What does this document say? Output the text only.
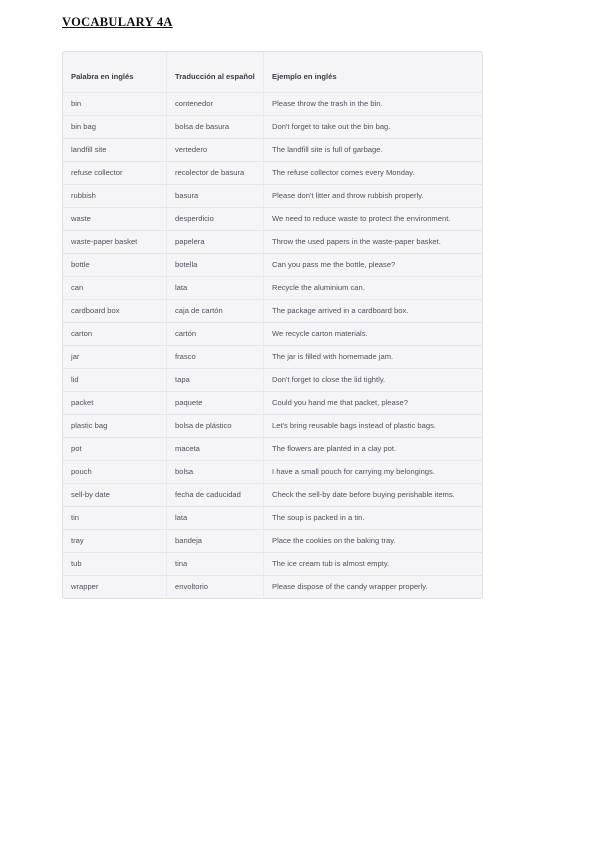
VOCABULARY 4A
Palabra en inglés	Traducción al español	Ejemplo en inglés
bin	contenedor	Please throw the trash in the bin.
bin bag	bolsa de basura	Don't forget to take out the bin bag.
landfill site	vertedero	The landfill site is full of garbage.
refuse collector	recolector de basura	The refuse collector comes every Monday.
rubbish	basura	Please don't litter and throw rubbish properly.
waste	desperdicio	We need to reduce waste to protect the environment.
waste-paper basket	papelera	Throw the used papers in the waste-paper basket.
bottle	botella	Can you pass me the bottle, please?
can	lata	Recycle the aluminium can.
cardboard box	caja de cartón	The package arrived in a cardboard box.
carton	cartón	We recycle carton materials.
jar	frasco	The jar is filled with homemade jam.
lid	tapa	Don't forget to close the lid tightly.
packet	paquete	Could you hand me that packet, please?
plastic bag	bolsa de plástico	Let's bring reusable bags instead of plastic bags.
pot	maceta	The flowers are planted in a clay pot.
pouch	bolsa	I have a small pouch for carrying my belongings.
sell-by date	fecha de caducidad	Check the sell-by date before buying perishable items.
tin	lata	The soup is packed in a tin.
tray	bandeja	Place the cookies on the baking tray.
tub	tina	The ice cream tub is almost empty.
wrapper	envoltorio	Please dispose of the candy wrapper properly.
